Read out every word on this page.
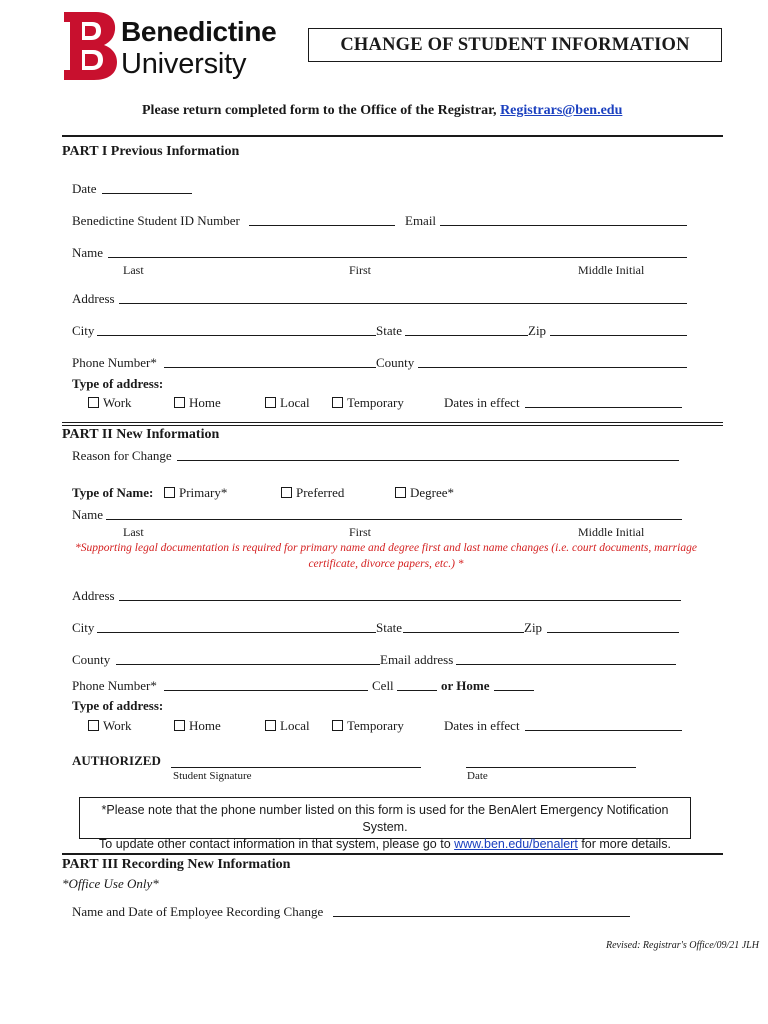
Benedictine
University
CHANGE OF STUDENT INFORMATION
Please return completed form to the Office of the Registrar, Registrars@ben.edu
PART I Previous Information
Date
Benedictine Student ID Number	Email
Name
Last	First	Middle Initial
Address
City	State	Zip
Phone Number*	County
Type of address:
Work	Home	Local	Temporary	Dates in effect
PART II New Information
Reason for Change
Type of Name:	Primary*	Preferred	Degree*
Name
Last	First	Middle Initial
*Supporting legal documentation is required for primary name and degree first and last name changes (i.e. court documents, marriage
certificate, divorce papers, etc.) *
Address
City	State	Zip
County	Email address
Phone Number*	Cell	or Home
Type of address:
Work	Home	Local	Temporary	Dates in effect
AUTHORIZED
Student Signature	Date
*Please note that the phone number listed on this form is used for the BenAlert Emergency Notification System.
To update other contact information in that system, please go to www.ben.edu/benalert for more details.
PART III Recording New Information
*Office Use Only*
Name and Date of Employee Recording Change
Revised: Registrar's Office/09/21 JLH
